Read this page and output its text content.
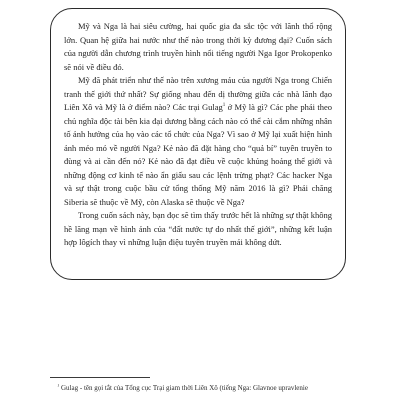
Mỹ và Nga là hai siêu cường, hai quốc gia đa sắc tộc với lãnh thổ rộng lớn. Quan hệ giữa hai nước như thế nào trong thời kỳ đương đại? Cuốn sách của người dẫn chương trình truyền hình nổi tiếng người Nga Igor Prokopenko sẽ nói về điều đó.

Mỹ đã phát triển như thế nào trên xương máu của người Nga trong Chiến tranh thế giới thứ nhất? Sự giống nhau đến dị thường giữa các nhà lãnh đạo Liên Xô và Mỹ là ở điểm nào? Các trại Gulag$^1$ ở Mỹ là gì? Các phe phái theo chủ nghĩa độc tài bên kia đại dương bằng cách nào có thể cài cắm những nhân tố ảnh hưởng của họ vào các tổ chức của Nga? Vì sao ở Mỹ lại xuất hiện hình ảnh méo mó về người Nga? Kẻ nào đã đặt hàng cho “quả bí” tuyên truyền to đùng và ai cần đến nó? Kẻ nào đã đạt điều về cuộc khủng hoảng thế giới và những động cơ kinh tế nào ẩn giấu sau các lệnh trừng phạt? Các hacker Nga và sự thật trong cuộc bầu cử tổng thống Mỹ năm 2016 là gì? Phải chăng Siberia sẽ thuộc về Mỹ, còn Alaska sẽ thuộc về Nga?

Trong cuốn sách này, bạn đọc sẽ tìm thấy trước hết là những sự thật không hề lãng mạn về hình ảnh của “đất nước tự do nhất thế giới”, những kết luận hợp lôgích thay vì những luận điệu tuyên truyền mải không dứt.

$^1$ Gulag - tên gọi tắt của Tổng cục Trại giam thời Liên Xô (tiếng Nga: Glavnoe upravlenie
